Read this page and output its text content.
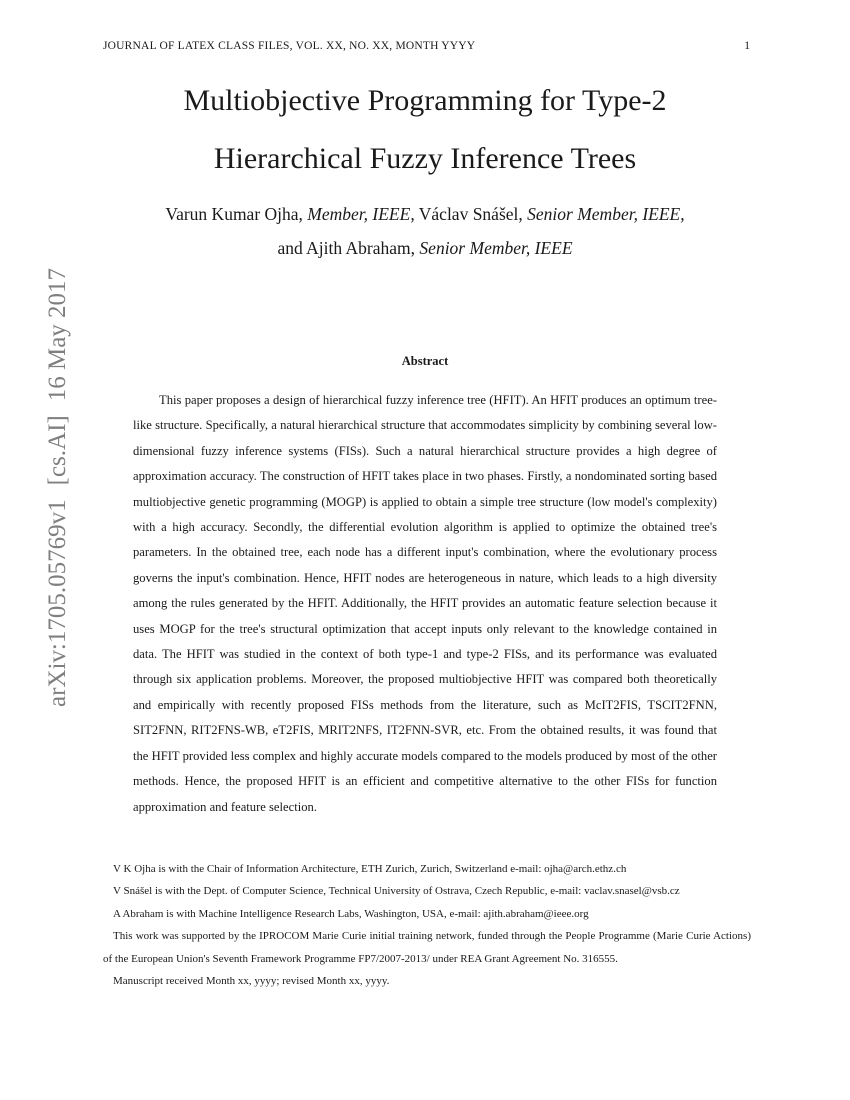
JOURNAL OF LATEX CLASS FILES, VOL. XX, NO. XX, MONTH YYYY	1
Multiobjective Programming for Type-2
Hierarchical Fuzzy Inference Trees
Varun Kumar Ojha, Member, IEEE, Václav Snášel, Senior Member, IEEE,
and Ajith Abraham, Senior Member, IEEE
arXiv:1705.05769v1[cs.AI]16 May 2017	Abstract

This paper proposes a design of hierarchical fuzzy inference tree (HFIT). An HFIT produces an optimum tree-like structure. Specifically, a natural hierarchical structure that accommodates simplicity by combining several low-dimensional fuzzy inference systems (FISs). Such a natural hierarchical structure provides a high degree of approximation accuracy. The construction of HFIT takes place in two phases. Firstly, a nondominated sorting based multiobjective genetic programming (MOGP) is applied to obtain a simple tree structure (low model's complexity) with a high accuracy. Secondly, the differential evolution algorithm is applied to optimize the obtained tree's parameters. In the obtained tree, each node has a different input's combination, where the evolutionary process governs the input's combination. Hence, HFIT nodes are heterogeneous in nature, which leads to a high diversity among the rules generated by the HFIT. Additionally, the HFIT provides an automatic feature selection because it uses MOGP for the tree's structural optimization that accept inputs only relevant to the knowledge contained in data. The HFIT was studied in the context of both type-1 and type-2 FISs, and its performance was evaluated through six application problems. Moreover, the proposed multiobjective HFIT was compared both theoretically and empirically with recently proposed FISs methods from the literature, such as McIT2FIS, TSCIT2FNN, SIT2FNN, RIT2FNS-WB, eT2FIS, MRIT2NFS, IT2FNN-SVR, etc. From the obtained results, it was found that the HFIT provided less complex and highly accurate models compared to the models produced by most of the other methods. Hence, the proposed HFIT is an efficient and competitive alternative to the other FISs for function approximation and feature selection.

V K Ojha is with the Chair of Information Architecture, ETH Zurich, Zurich, Switzerland e-mail: ojha@arch.ethz.ch

V Snášel is with the Dept. of Computer Science, Technical University of Ostrava, Czech Republic, e-mail: vaclav.snasel@vsb.cz

A Abraham is with Machine Intelligence Research Labs, Washington, USA, e-mail: ajith.abraham@ieee.org

This work was supported by the IPROCOM Marie Curie initial training network, funded through the People Programme (Marie Curie Actions) of the European Union's Seventh Framework Programme FP7/2007-2013/ under REA Grant Agreement No. 316555.

Manuscript received Month xx, yyyy; revised Month xx, yyyy.
